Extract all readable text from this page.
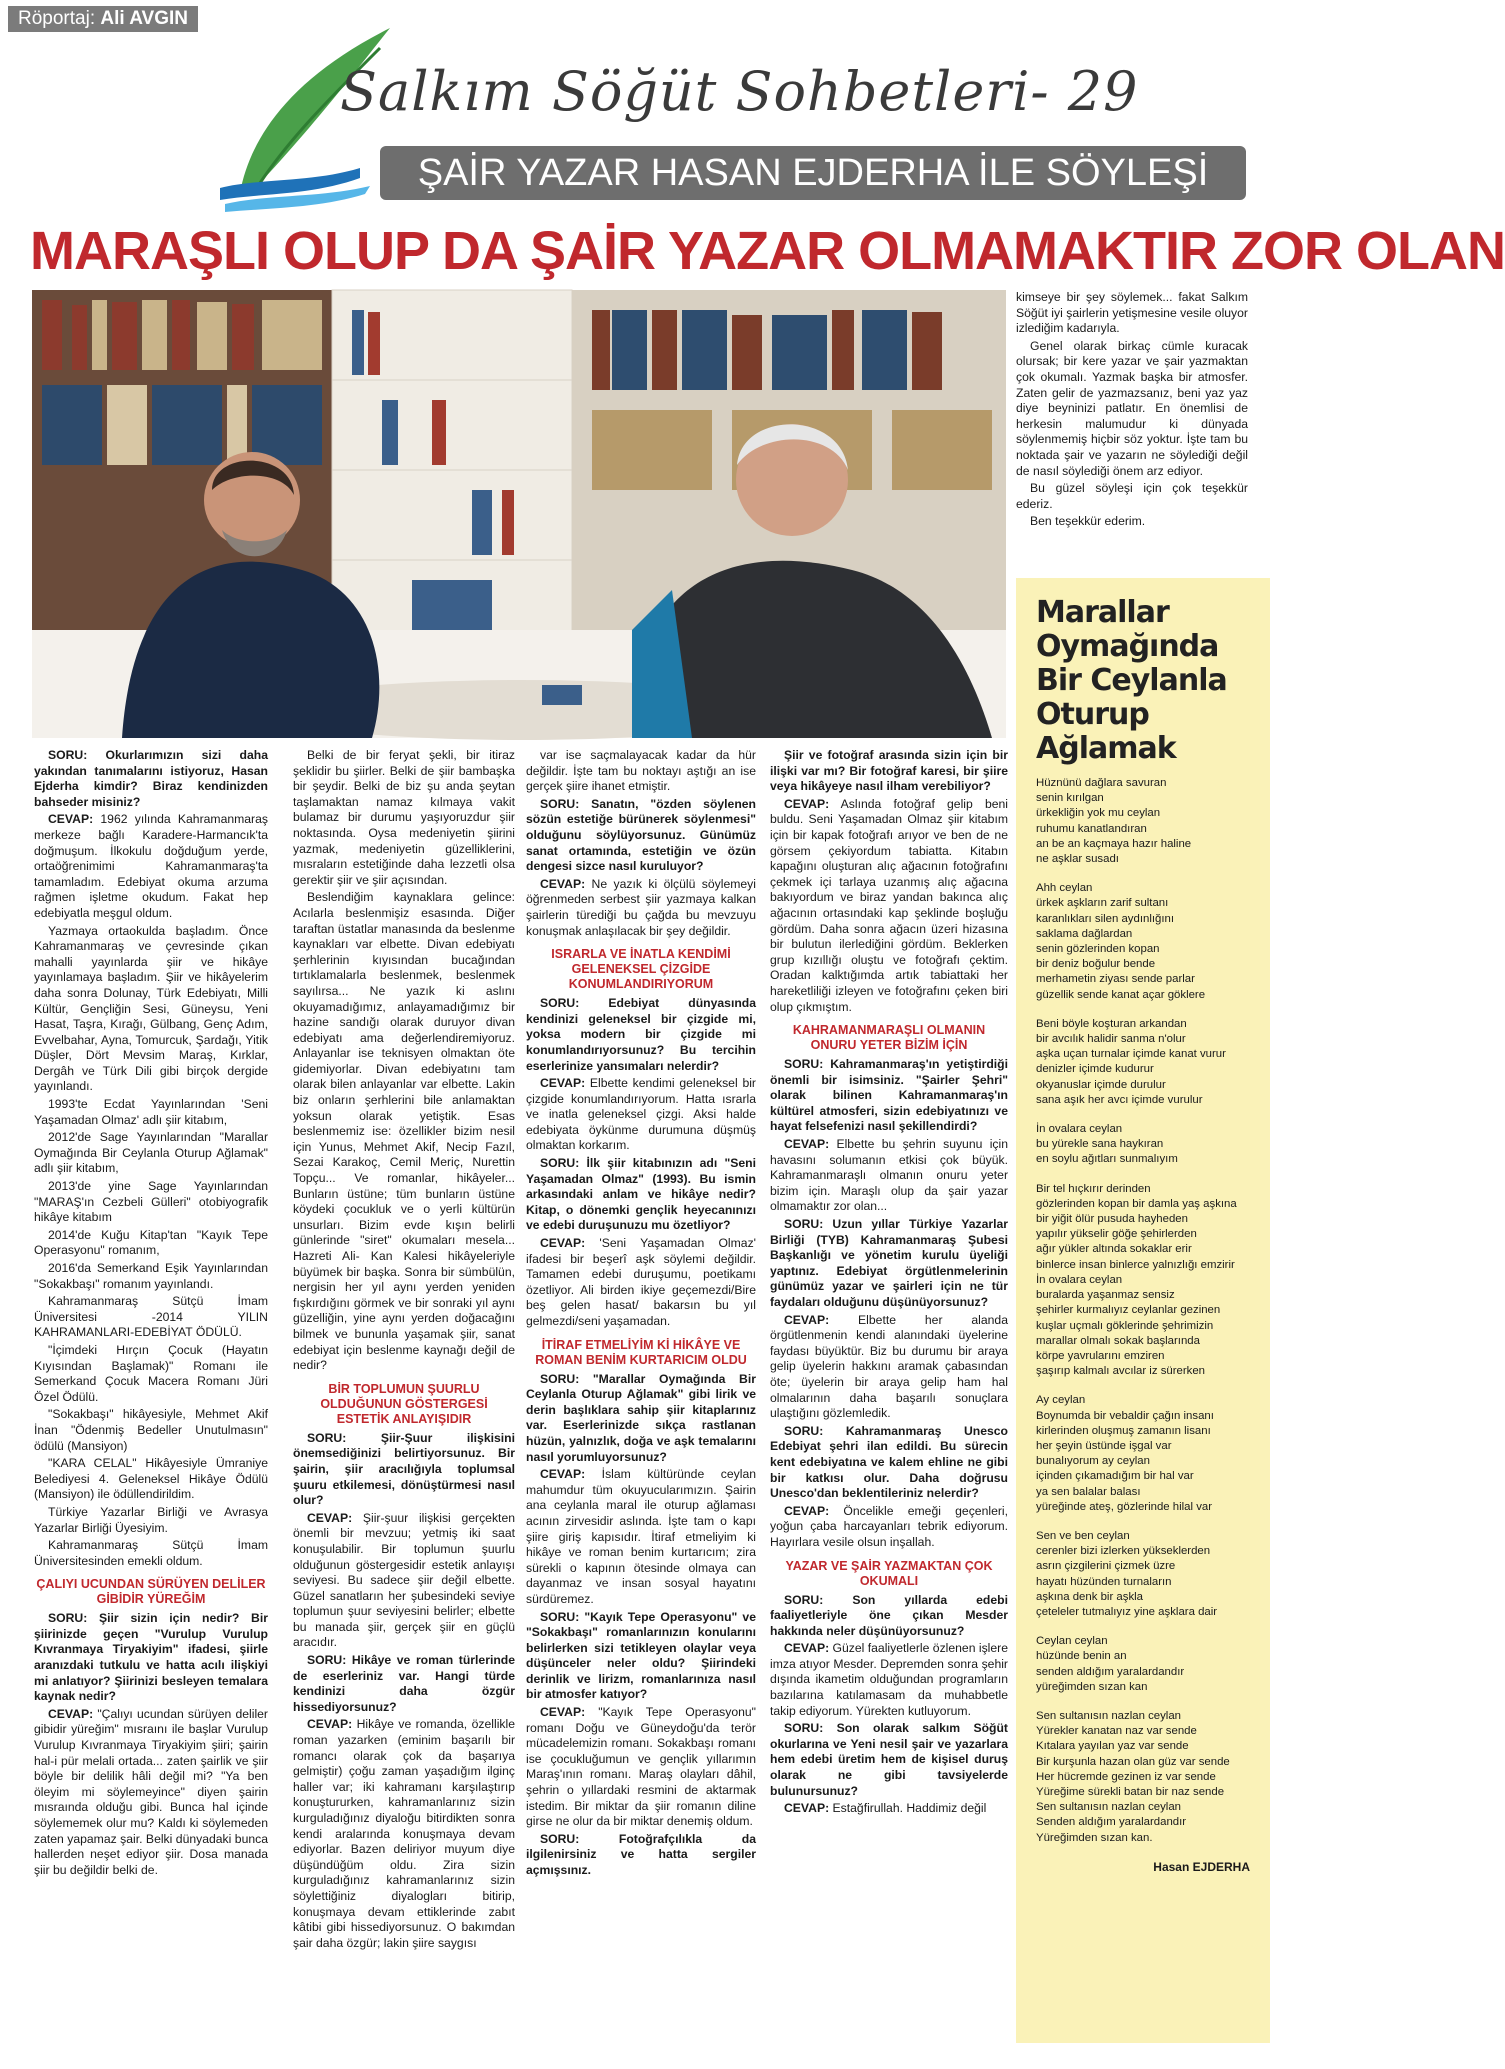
Röportaj: Ali AVGIN
Salkım Söğüt Sohbetleri- 29
ŞAİR YAZAR HASAN EJDERHA İLE SÖYLEŞİ
MARAŞLI OLUP DA ŞAİR YAZAR OLMAMAKTIR ZOR OLAN

kimseye bir şey söylemek... fakat Salkım Söğüt iyi şairlerin yetişmesine vesile oluyor izlediğim kadarıyla.

Genel olarak birkaç cümle kuracak olursak; bir kere yazar ve şair yazmaktan çok okumalı. Yazmak başka bir atmosfer. Zaten gelir de yazmazsanız, beni yaz yaz diye beyninizi patlatır. En önemlisi de herkesin malumudur ki dünyada söylenmemiş hiçbir söz yoktur. İşte tam bu noktada şair ve yazarın ne söylediği değil de nasıl söylediği önem arz ediyor.

Bu güzel söyleşi için çok teşekkür ederiz.

Ben teşekkür ederim.

SORU: Okurlarımızın sizi daha yakından tanımalarını istiyoruz, Hasan Ejderha kimdir? Biraz kendinizden bahseder misiniz?

CEVAP: 1962 yılında Kahramanmaraş merkeze bağlı Karadere-Harmancık'ta doğmuşum. İlkokulu doğduğum yerde, ortaöğrenimimi Kahramanmaraş'ta tamamladım. Edebiyat okuma arzuma rağmen işletme okudum. Fakat hep edebiyatla meşgul oldum.

Yazmaya ortaokulda başladım. Önce Kahramanmaraş ve çevresinde çıkan mahalli yayınlarda şiir ve hikâye yayınlamaya başladım. Şiir ve hikâyelerim daha sonra Dolunay, Türk Edebiyatı, Milli Kültür, Gençliğin Sesi, Güneysu, Yeni Hasat, Taşra, Kırağı, Gülbang, Genç Adım, Evvelbahar, Ayna, Tomurcuk, Şardağı, Yitik Düşler, Dört Mevsim Maraş, Kırklar, Dergâh ve Türk Dili gibi birçok dergide yayınlandı.

1993'te Ecdat Yayınlarından 'Seni Yaşamadan Olmaz' adlı şiir kitabım,

2012'de Sage Yayınlarından "Marallar Oymağında Bir Ceylanla Oturup Ağlamak" adlı şiir kitabım,

2013'de yine Sage Yayınlarından "MARAŞ'ın Cezbeli Gülleri" otobiyografik hikâye kitabım

2014'de Kuğu Kitap'tan "Kayık Tepe Operasyonu" romanım,

2016'da Semerkand Eşik Yayınlarından "Sokakbaşı" romanım yayınlandı.

Kahramanmaraş Sütçü İmam Üniversitesi -2014 YILIN KAHRAMANLARI-EDEBİYAT ÖDÜLÜ.

"İçimdeki Hırçın Çocuk (Hayatın Kıyısından Başlamak)" Romanı ile Semerkand Çocuk Macera Romanı Jüri Özel Ödülü.

"Sokakbaşı" hikâyesiyle, Mehmet Akif İnan "Ödenmiş Bedeller Unutulmasın" ödülü (Mansiyon)

"KARA CELAL" Hikâyesiyle Ümraniye Belediyesi 4. Geleneksel Hikâye Ödülü (Mansiyon) ile ödüllendirildim.

Türkiye Yazarlar Birliği ve Avrasya Yazarlar Birliği Üyesiyim.

Kahramanmaraş Sütçü İmam Üniversitesinden emekli oldum.

ÇALIYI UCUNDAN SÜRÜYEN DELİLER GİBİDİR YÜREĞİM

SORU: Şiir sizin için nedir? Bir şiirinizde geçen "Vurulup Vurulup Kıvranmaya Tiryakiyim" ifadesi, şiirle aranızdaki tutkulu ve hatta acılı ilişkiyi mi anlatıyor? Şiirinizi besleyen temalara kaynak nedir?

CEVAP: "Çalıyı ucundan sürüyen deliler gibidir yüreğim" mısraını ile başlar Vurulup Vurulup Kıvranmaya Tiryakiyim şiiri; şairin hal-i pür melali ortada... zaten şairlik ve şiir böyle bir delilik hâli değil mi? "Ya ben öleyim mi söylemeyince" diyen şairin mısraında olduğu gibi. Bunca hal içinde söylememek olur mu? Kaldı ki söylemeden zaten yapamaz şair. Belki dünyadaki bunca hallerden neşet ediyor şiir. Dosa manada şiir bu değildir belki de.

Belki de bir feryat şekli, bir itiraz şeklidir bu şiirler. Belki de şiir bambaşka bir şeydir. Belki de biz şu anda şeytan taşlamaktan namaz kılmaya vakit bulamaz bir durumu yaşıyoruzdur şiir noktasında. Oysa medeniyetin şiirini yazmak, medeniyetin güzelliklerini, mısraların estetiğinde daha lezzetli olsa gerektir şiir ve şiir açısından.

Beslendiğim kaynaklara gelince: Acılarla beslenmişiz esasında. Diğer taraftan üstatlar manasında da beslenme kaynakları var elbette. Divan edebiyatı şerhlerinin kıyısından bucağından tırtıklamalarla beslenmek, beslenmek sayılırsa... Ne yazık ki aslını okuyamadığımız, anlayamadığımız bir hazine sandığı olarak duruyor divan edebiyatı ama değerlendiremiyoruz. Anlayanlar ise teknisyen olmaktan öte gidemiyorlar. Divan edebiyatını tam olarak bilen anlayanlar var elbette. Lakin biz onların şerhlerini bile anlamaktan yoksun olarak yetiştik. Esas beslenmemiz ise: özellikler bizim nesil için Yunus, Mehmet Akif, Necip Fazıl, Sezai Karakoç, Cemil Meriç, Nurettin Topçu... Ve romanlar, hikâyeler... Bunların üstüne; tüm bunların üstüne köydeki çocukluk ve o yerli kültürün unsurları. Bizim evde kışın belirli günlerinde "siret" okumaları mesela... Hazreti Ali- Kan Kalesi hikâyeleriyle büyümek bir başka. Sonra bir sümbülün, nergisin her yıl aynı yerden yeniden fışkırdığını görmek ve bir sonraki yıl aynı güzelliğin, yine aynı yerden doğacağını bilmek ve bununla yaşamak şiir, sanat edebiyat için beslenme kaynağı değil de nedir?

BİR TOPLUMUN ŞUURLU OLDUĞUNUN GÖSTERGESİ ESTETİK ANLAYIŞIDIR

SORU: Şiir-Şuur ilişkisini önemsediğinizi belirtiyorsunuz. Bir şairin, şiir aracılığıyla toplumsal şuuru etkilemesi, dönüştürmesi nasıl olur?

CEVAP: Şiir-şuur ilişkisi gerçekten önemli bir mevzuu; yetmiş iki saat konuşulabilir. Bir toplumun şuurlu olduğunun göstergesidir estetik anlayışı seviyesi. Bu sadece şiir değil elbette. Güzel sanatların her şubesindeki seviye toplumun şuur seviyesini belirler; elbette bu manada şiir, gerçek şiir en güçlü aracıdır.

SORU: Hikâye ve roman türlerinde de eserleriniz var. Hangi türde kendinizi daha özgür hissediyorsunuz?

CEVAP: Hikâye ve romanda, özellikle roman yazarken (eminim başarılı bir romancı olarak çok da başarıya gelmiştir) çoğu zaman yaşadığım ilginç haller var; iki kahramanı karşılaştırıp konuştururken, kahramanlarınız sizin kurguladığınız diyaloğu bitirdikten sonra kendi aralarında konuşmaya devam ediyorlar. Bazen deliriyor muyum diye düşündüğüm oldu. Zira sizin kurguladığınız kahramanlarınız sizin söylettiğiniz diyalogları bitirip, konuşmaya devam ettiklerinde zabıt kâtibi gibi hissediyorsunuz. O bakımdan şair daha özgür; lakin şiire saygısı

var ise saçmalayacak kadar da hür değildir. İşte tam bu noktayı aştığı an ise gerçek şiire ihanet etmiştir.

SORU: Sanatın, "özden söylenen sözün estetiğe bürünerek söylenmesi" olduğunu söylüyorsunuz. Günümüz sanat ortamında, estetiğin ve özün dengesi sizce nasıl kuruluyor?

CEVAP: Ne yazık ki ölçülü söylemeyi öğrenmeden serbest şiir yazmaya kalkan şairlerin türediği bu çağda bu mevzuyu konuşmak anlaşılacak bir şey değildir.

ISRARLA VE İNATLA KENDİMİ GELENEKSEL ÇİZGİDE KONUMLANDIRIYORUM

SORU: Edebiyat dünyasında kendinizi geleneksel bir çizgide mi, yoksa modern bir çizgide mi konumlandırıyorsunuz? Bu tercihin eserlerinize yansımaları nelerdir?

CEVAP: Elbette kendimi geleneksel bir çizgide konumlandırıyorum. Hatta ısrarla ve inatla geleneksel çizgi. Aksi halde edebiyata öykünme durumuna düşmüş olmaktan korkarım.

SORU: İlk şiir kitabınızın adı "Seni Yaşamadan Olmaz" (1993). Bu ismin arkasındaki anlam ve hikâye nedir? Kitap, o dönemki gençlik heyecanınızı ve edebi duruşunuzu mu özetliyor?

CEVAP: 'Seni Yaşamadan Olmaz' ifadesi bir beşerî aşk söylemi değildir. Tamamen edebi duruşumu, poetikamı özetliyor. Ali birden ikiye geçemezdi/Bire beş gelen hasat/ bakarsın bu yıl gelmezdi/seni yaşamadan.

İTİRAF ETMELİYİM Kİ HİKÂYE VE ROMAN BENİM KURTARICIM OLDU

SORU: "Marallar Oymağında Bir Ceylanla Oturup Ağlamak" gibi lirik ve derin başlıklara sahip şiir kitaplarınız var. Eserlerinizde sıkça rastlanan hüzün, yalnızlık, doğa ve aşk temalarını nasıl yorumluyorsunuz?

CEVAP: İslam kültüründe ceylan mahumdur tüm okuyucularımızın. Şairin ana ceylanla maral ile oturup ağlaması acının zirvesidir aslında. İşte tam o kapı şiire giriş kapısıdır. İtiraf etmeliyim ki hikâye ve roman benim kurtarıcım; zira sürekli o kapının ötesinde olmaya can dayanmaz ve insan sosyal hayatını sürdüremez.

SORU: "Kayık Tepe Operasyonu" ve "Sokakbaşı" romanlarınızın konularını belirlerken sizi tetikleyen olaylar veya düşünceler neler oldu? Şiirindeki derinlik ve lirizm, romanlarınıza nasıl bir atmosfer katıyor?

CEVAP: "Kayık Tepe Operasyonu" romanı Doğu ve Güneydoğu'da terör mücadelemizin romanı. Sokakbaşı romanı ise çocukluğumun ve gençlik yıllarımın Maraş'ının romanı. Maraş olayları dâhil, şehrin o yıllardaki resmini de aktarmak istedim. Bir miktar da şiir romanın diline girse ne olur da bir miktar denemiş oldum.

SORU: Fotoğrafçılıkla da ilgilenirsiniz ve hatta sergiler açmışsınız.

Şiir ve fotoğraf arasında sizin için bir ilişki var mı? Bir fotoğraf karesi, bir şiire veya hikâyeye nasıl ilham verebiliyor?

CEVAP: Aslında fotoğraf gelip beni buldu. Seni Yaşamadan Olmaz şiir kitabım için bir kapak fotoğrafı arıyor ve ben de ne görsem çekiyordum tabiatta. Kitabın kapağını oluşturan alıç ağacının fotoğrafını çekmek içi tarlaya uzanmış alıç ağacına bakıyordum ve biraz yandan bakınca alıç ağacının ortasındaki kap şeklinde boşluğu gördüm. Daha sonra ağacın üzeri hizasına bir bulutun ilerlediğini gördüm. Beklerken grup kızıllığı oluştu ve fotoğrafı çektim. Oradan kalktığımda artık tabiattaki her hareketliliği izleyen ve fotoğrafını çeken biri olup çıkmıştım.

KAHRAMANMARAŞLI OLMANIN ONURU YETER BİZİM İÇİN

SORU: Kahramanmaraş'ın yetiştirdiği önemli bir isimsiniz. "Şairler Şehri" olarak bilinen Kahramanmaraş'ın kültürel atmosferi, sizin edebiyatınızı ve hayat felsefenizi nasıl şekillendirdi?

CEVAP: Elbette bu şehrin suyunu için havasını solumanın etkisi çok büyük. Kahramanmaraşlı olmanın onuru yeter bizim için. Maraşlı olup da şair yazar olmamaktır zor olan...

SORU: Uzun yıllar Türkiye Yazarlar Birliği (TYB) Kahramanmaraş Şubesi Başkanlığı ve yönetim kurulu üyeliği yaptınız. Edebiyat örgütlenmelerinin günümüz yazar ve şairleri için ne tür faydaları olduğunu düşünüyorsunuz?

CEVAP: Elbette her alanda örgütlenmenin kendi alanındaki üyelerine faydası büyüktür. Biz bu durumu bir araya gelip üyelerin hakkını aramak çabasından öte; üyelerin bir araya gelip ham hal olmalarının daha başarılı sonuçlara ulaştığını gözlemledik.

SORU: Kahramanmaraş Unesco Edebiyat şehri ilan edildi. Bu sürecin kent edebiyatına ve kalem ehline ne gibi bir katkısı olur. Daha doğrusu Unesco'dan beklentileriniz nelerdir?

CEVAP: Öncelikle emeği geçenleri, yoğun çaba harcayanları tebrik ediyorum. Hayırlara vesile olsun inşallah.

YAZAR VE ŞAİR YAZMAKTAN ÇOK OKUMALI

SORU: Son yıllarda edebi faaliyetleriyle öne çıkan Mesder hakkında neler düşünüyorsunuz?

CEVAP: Güzel faaliyetlerle özlenen işlere imza atıyor Mesder. Depremden sonra şehir dışında ikametim olduğundan programların bazılarına katılamasam da muhabbetle takip ediyorum. Yürekten kutluyorum.

SORU: Son olarak salkım Söğüt okurlarına ve Yeni nesil şair ve yazarlara hem edebi üretim hem de kişisel duruş olarak ne gibi tavsiyelerde bulunursunuz?

CEVAP: Estağfirullah. Haddimiz değil

Marallar
Oymağında
Bir Ceylanla
Oturup
Ağlamak
Hüznünü dağlara savuran
senin kırılgan
ürkekliğin yok mu ceylan
ruhumu kanatlandıran
an be an kaçmaya hazır haline
ne aşklar susadı
Ahh ceylan
ürkek aşkların zarif sultanı
karanlıkları silen aydınlığını
saklama dağlardan
senin gözlerinden kopan
bir deniz boğulur bende
merhametin ziyası sende parlar
güzellik sende kanat açar göklere
Beni böyle koşturan arkandan
bir avcılık halidir sanma n'olur
aşka uçan turnalar içimde kanat vurur
denizler içimde kudurur
okyanuslar içimde durulur
sana aşık her avcı içimde vurulur
İn ovalara ceylan
bu yürekle sana haykıran
en soylu ağıtları sunmalıyım
Bir tel hıçkırır derinden
gözlerinden kopan bir damla yaş aşkına
bir yiğit ölür pusuda hayheden
yapılır yükselir göğe şehirlerden
ağır yükler altında sokaklar erir
binlerce insan binlerce yalnızlığı emzirir
İn ovalara ceylan
buralarda yaşanmaz sensiz
şehirler kurmalıyız ceylanlar gezinen
kuşlar uçmalı göklerinde şehrimizin
marallar olmalı sokak başlarında
körpe yavrularını emziren
şaşırıp kalmalı avcılar iz sürerken
Ay ceylan
Boynumda bir vebaldir çağın insanı
kirlerinden oluşmuş zamanın lisanı
her şeyin üstünde işgal var
bunalıyorum ay ceylan
içinden çıkamadığım bir hal var
ya sen balalar balası
yüreğinde ateş, gözlerinde hilal var
Sen ve ben ceylan
cerenler bizi izlerken yükseklerden
asrın çizgilerini çizmek üzre
hayatı hüzünden turnaların
aşkına denk bir aşkla
çeteleler tutmalıyız yine aşklara dair
Ceylan ceylan
hüzünde benin an
senden aldığım yaralardandır
yüreğimden sızan kan
Sen sultanısın nazlan ceylan
Yürekler kanatan naz var sende
Kıtalara yayılan yaz var sende
Bir kurşunla hazan olan güz var sende
Her hücremde gezinen iz var sende
Yüreğime sürekli batan bir naz sende
Sen sultanısın nazlan ceylan
Senden aldığım yaralardandır
Yüreğimden sızan kan.
Hasan EJDERHA
